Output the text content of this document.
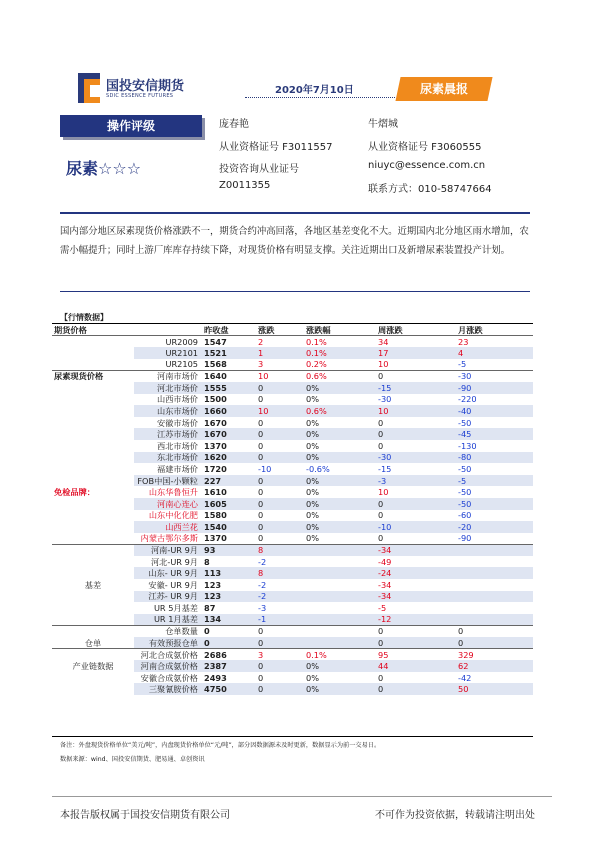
国投安信期货
SDIC ESSENCE FUTURES	2020年7月10日	尿素晨报
操作评级
尿素☆☆☆
庞春艳
从业资格证号 F3011557
投资咨询从业证号
Z0011355
牛熠城
从业资格证号 F3060555
niuyc@essence.com.cn
联系方式：010-58747664
国内部分地区尿素现货价格涨跌不一，期货合约冲高回落，各地区基差变化不大。近期国内北分地区雨水增加，农需小幅提升；同时上游厂库库存持续下降，对现货价格有明显支撑。关注近期出口及新增尿素装置投产计划。
【行情数据】
期货价格		昨收盘	涨跌	涨跌幅	周涨跌	月涨跌
	UR2009	1547	2	0.1%	34	23
	UR2101	1521	1	0.1%	17	4
	UR2105	1568	3	0.2%	10	-5
尿素现货价格	河南市场价	1640	10	0.6%	0	-30
	河北市场价	1555	0	0%	-15	-90
	山西市场价	1500	0	0%	-30	-220
	山东市场价	1660	10	0.6%	10	-40
	安徽市场价	1670	0	0%	0	-50
	江苏市场价	1670	0	0%	0	-45
	西北市场价	1370	0	0%	0	-130
	东北市场价	1620	0	0%	-30	-80
	福建市场价	1720	-10	-0.6%	-15	-50
	FOB中国-小颗粒	227	0	0%	-3	-5
免检品牌：	山东华鲁恒升	1610	0	0%	10	-50
	河南心连心	1605	0	0%	0	-50
	山东中化化肥	1580	0	0%	0	-60
	山西兰花	1540	0	0%	-10	-20
	内蒙古鄂尔多斯	1370	0	0%	0	-90
	河南-UR 9月	93	8		-34	
	河北-UR 9月	8	-2		-49	
	山东- UR 9月	113	8		-24	
基差	安徽- UR 9月	123	-2		-34	
	江苏- UR 9月	123	-2		-34	
	UR 5月基差	87	-3		-5	
	UR 1月基差	134	-1		-12	
	仓单数量	0	0		0	0
仓单	有效预报仓单	0	0		0	0
	河北合成氨价格	2686	3	0.1%	95	329
产业链数据	河南合成氨价格	2387	0	0%	44	62
	安徽合成氨价格	2493	0	0%	0	-42
	三聚氰胺价格	4750	0	0%	0	50
备注：外盘现货价格单位“美元/吨”，内盘现货价格单位“元/吨”，部分因数据源未及时更新，数据显示为前一交易日。
数据来源：wind、国投安信期货、肥易通、卓创资讯
本报告版权属于国投安信期货有限公司	不可作为投资依据，转载请注明出处
